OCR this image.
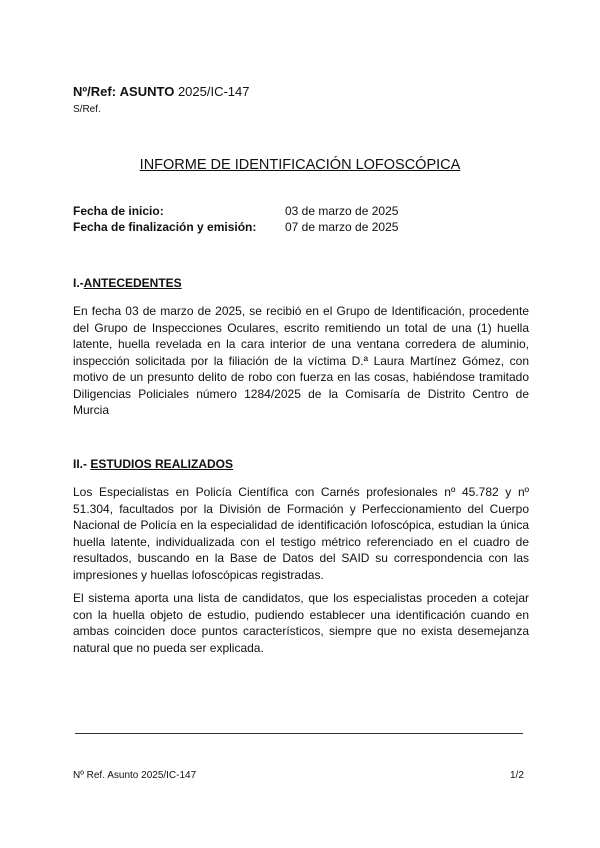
Nº/Ref: ASUNTO 2025/IC-147
S/Ref.
INFORME DE IDENTIFICACIÓN LOFOSCÓPICA
Fecha de inicio:	03 de marzo de 2025
Fecha de finalización y emisión:	07 de marzo de 2025
I.-ANTECEDENTES
En fecha 03 de marzo de 2025, se recibió en el Grupo de Identificación, procedente del Grupo de Inspecciones Oculares, escrito remitiendo un total de una (1) huella latente, huella revelada en la cara interior de una ventana corredera de aluminio, inspección solicitada por la filiación de la víctima D.ª Laura Martínez Gómez, con motivo de un presunto delito de robo con fuerza en las cosas, habiéndose tramitado Diligencias Policiales número 1284/2025 de la Comisaría de Distrito Centro de Murcia
II.- ESTUDIOS REALIZADOS
Los Especialistas en Policía Científica con Carnés profesionales nº 45.782 y nº 51.304, facultados por la División de Formación y Perfeccionamiento del Cuerpo Nacional de Policía en la especialidad de identificación lofoscópica, estudian la única huella latente, individualizada con el testigo métrico referenciado en el cuadro de resultados, buscando en la Base de Datos del SAID su correspondencia con las impresiones y huellas lofoscópicas registradas.
El sistema aporta una lista de candidatos, que los especialistas proceden a cotejar con la huella objeto de estudio, pudiendo establecer una identificación cuando en ambas coinciden doce puntos característicos, siempre que no exista desemejanza natural que no pueda ser explicada.
Nº Ref. Asunto 2025/IC-147	1/2
